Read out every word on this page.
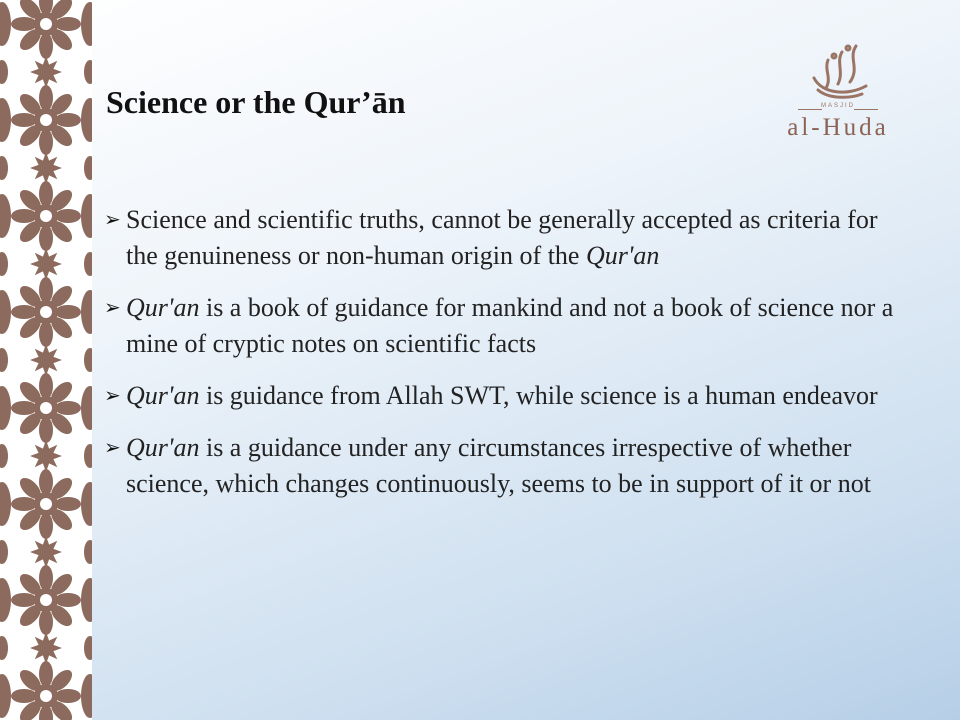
MASJID
al-Huda
Science or the Qur’ān
➢ Science and scientific truths, cannot be generally accepted as criteria for the genuineness or non-human origin of the Qur'an
➢ Qur'an is a book of guidance for mankind and not a book of science nor a mine of cryptic notes on scientific facts
➢ Qur'an is guidance from Allah SWT, while science is a human endeavor
➢ Qur'an is a guidance under any circumstances irrespective of whether science, which changes continuously, seems to be in support of it or not
